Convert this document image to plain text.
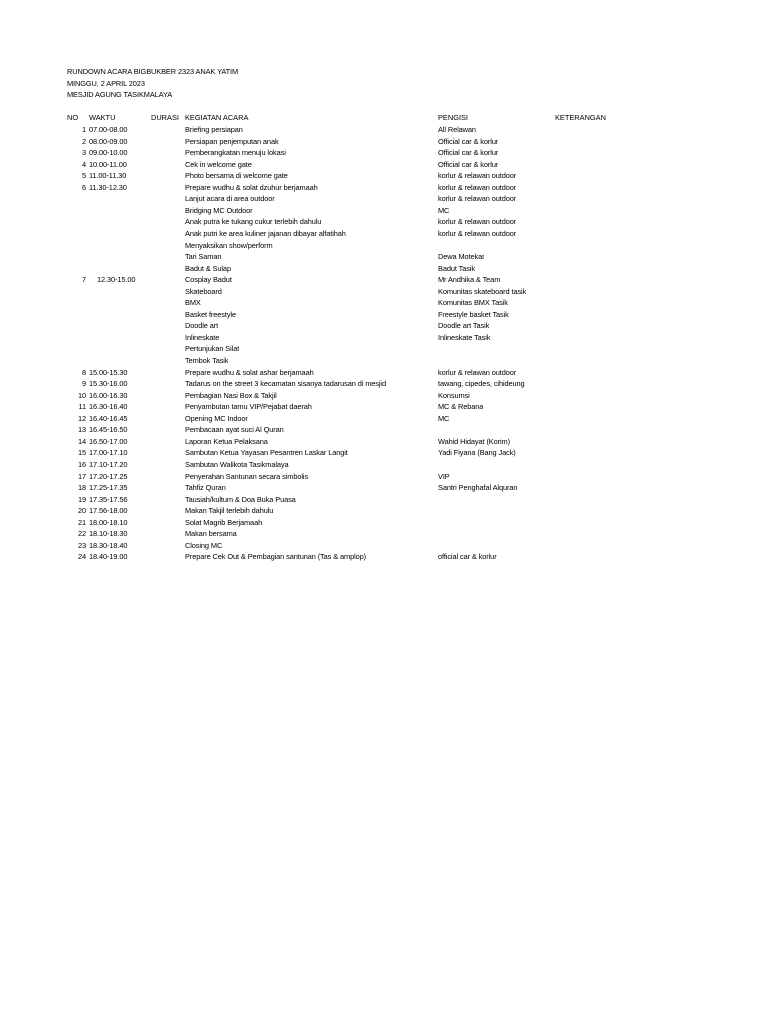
RUNDOWN ACARA BIGBUKBER 2323 ANAK YATIM
MINGGU, 2 APRIL 2023
MESJID AGUNG TASIKMALAYA
NO WAKTU	DURASI KEGIATAN ACARA	PENGISI	KETERANGAN
1 07.00-08.00	Briefing persiapan	All Relawan
2 08.00-09.00	Persiapan penjemputan anak	Official car & korlur
3 09.00-10.00	Pemberangkatan menuju lokasi	Official car & korlur
4 10.00-11.00	Cek in welcome gate	Official car & korlur
5 11.00-11.30	Photo bersama di welcome gate	korlur & relawan outdoor
6 11.30-12.30	Prepare wudhu & solat dzuhur berjamaah	korlur & relawan outdoor
Lanjut acara di area outdoor	korlur & relawan outdoor
Bridging MC Outdoor	MC
Anak putra ke tukang cukur terlebih dahulu	korlur & relawan outdoor
Anak putri ke area kuliner jajanan dibayar alfatihah	korlur & relawan outdoor
Menyaksikan show/perform
Tari Saman	Dewa Motekar
Badut & Sulap	Badut Tasik
7 12.30-15.00	Cosplay Badut	Mr Andhika & Team
Skateboard	Komunitas skateboard tasik
BMX	Komunitas BMX Tasik
Basket freestyle	Freestyle basket Tasik
Doodle art	Doodle art Tasik
Inlineskate	Inlineskate Tasik
Pertunjukan Silat
Tembok Tasik
8 15.00-15.30	Prepare wudhu & solat ashar berjamaah	korlur & relawan outdoor
9 15.30-16.00	Tadarus on the street 3 kecamatan sisanya tadarusan di mesjid	tawang, cipedes, cihideung
10 16.00-16.30	Pembagian Nasi Box & Takjil	Konsumsi
11 16.30-16.40	Penyambutan tamu VIP/Pejabat daerah	MC & Rebana
12 16.40-16.45	Opening MC Indoor	MC
13 16.45-16.50	Pembacaan ayat suci Al Quran
14 16.50-17.00	Laporan Ketua Pelaksana	Wahid Hidayat (Korim)
15 17.00-17.10	Sambutan Ketua Yayasan Pesantren Laskar Langit	Yadi Fiyana (Bang Jack)
16 17.10-17.20	Sambutan Walikota Tasikmalaya
17 17.20-17.25	Penyerahan Santunan secara simbolis	VIP
18 17.25-17.35	Tahfiz Quran	Santri Penghafal Alquran
19 17.35-17.56	Tausiah/kultum & Doa Buka Puasa
20 17.56-18.00	Makan Takjil terlebih dahulu
21 18.00-18.10	Solat Magrib Berjamaah
22 18.10-18.30	Makan bersama
23 18.30-18.40	Closing MC
24 18.40-19.00	Prepare Cek Out & Pembagian santunan (Tas & amplop)	official car & korlur
